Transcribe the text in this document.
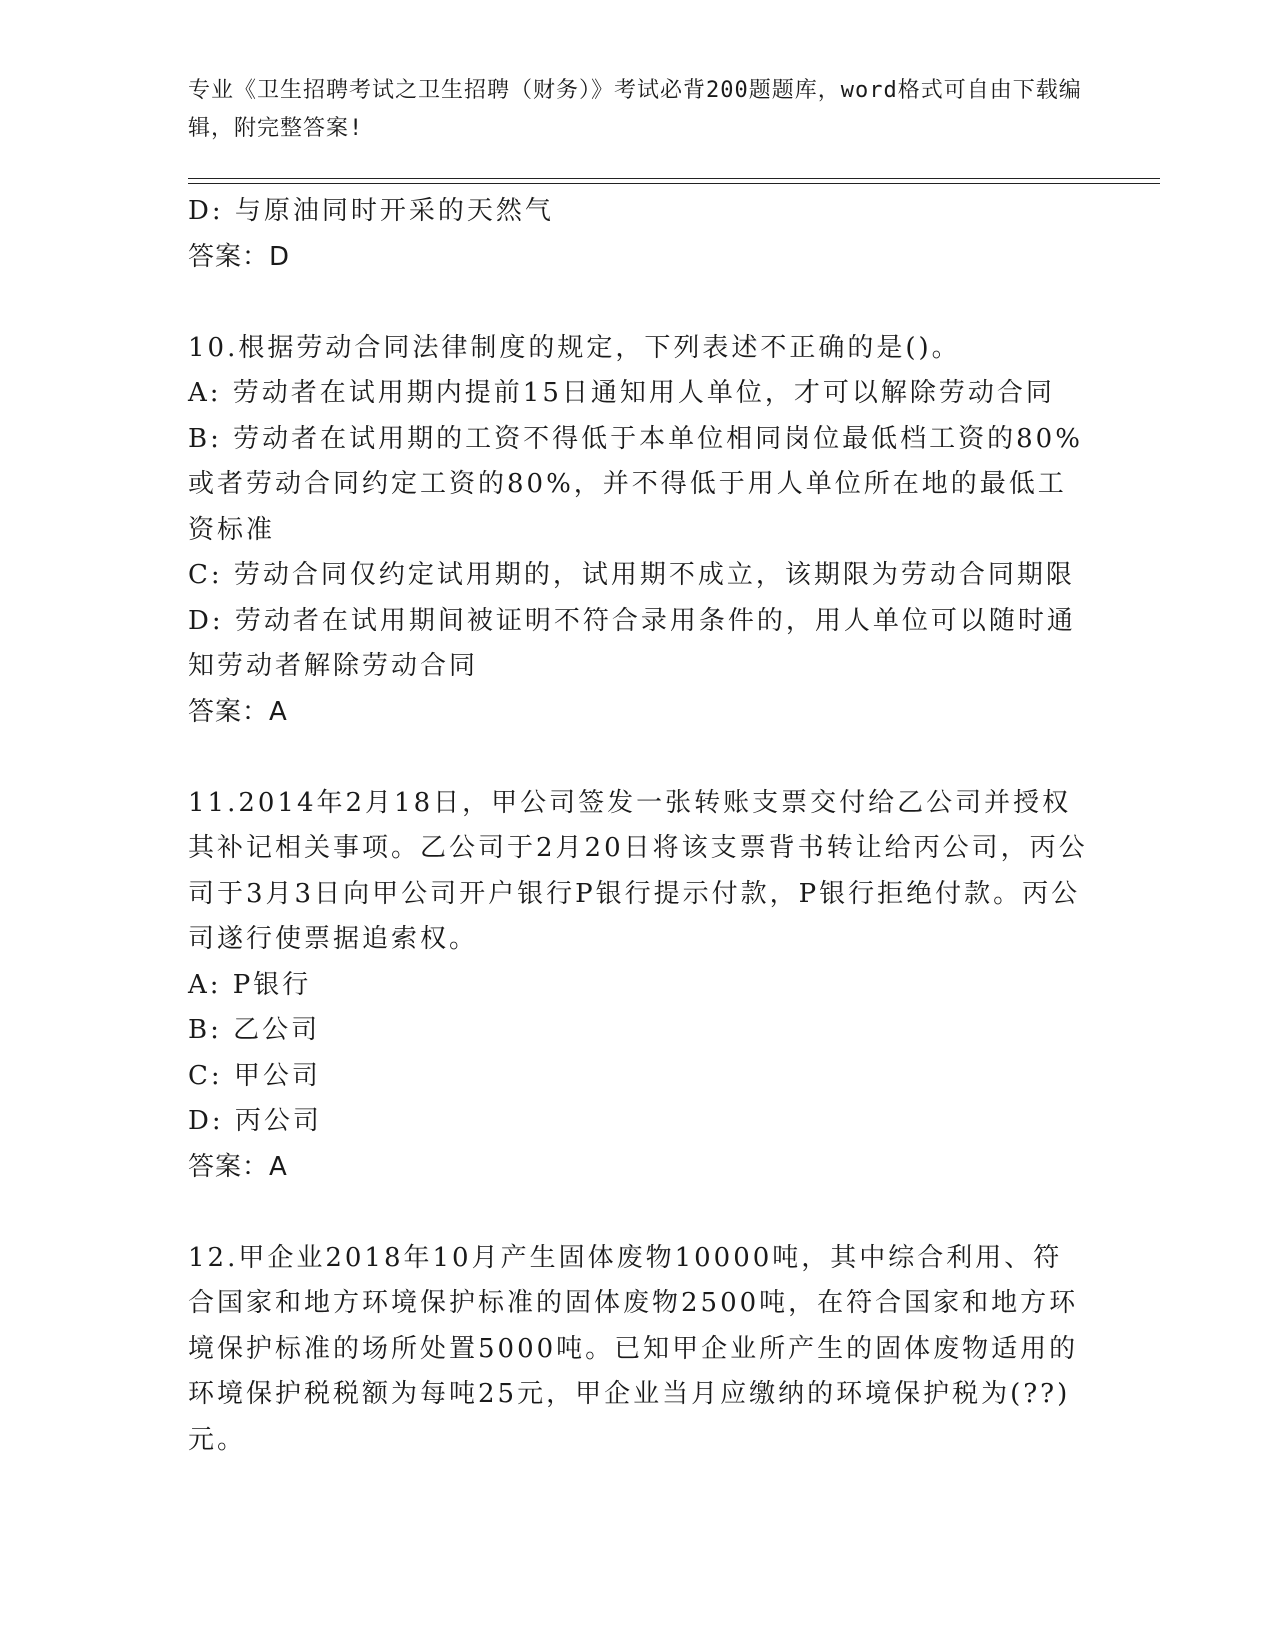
专业《卫生招聘考试之卫生招聘（财务）》考试必背200题题库，word格式可自由下载编辑，附完整答案!
D: 与原油同时开采的天然气
答案：D
10.根据劳动合同法律制度的规定，下列表述不正确的是()。
A: 劳动者在试用期内提前15日通知用人单位，才可以解除劳动合同
B: 劳动者在试用期的工资不得低于本单位相同岗位最低档工资的80%或者劳动合同约定工资的80%，并不得低于用人单位所在地的最低工资标准
C: 劳动合同仅约定试用期的，试用期不成立，该期限为劳动合同期限
D: 劳动者在试用期间被证明不符合录用条件的，用人单位可以随时通知劳动者解除劳动合同
答案：A
11.2014年2月18日，甲公司签发一张转账支票交付给乙公司并授权其补记相关事项。乙公司于2月20日将该支票背书转让给丙公司，丙公司于3月3日向甲公司开户银行P银行提示付款，P银行拒绝付款。丙公司遂行使票据追索权。
A: P银行
B: 乙公司
C: 甲公司
D: 丙公司
答案：A
12.甲企业2018年10月产生固体废物10000吨，其中综合利用、符合国家和地方环境保护标准的固体废物2500吨，在符合国家和地方环境保护标准的场所处置5000吨。已知甲企业所产生的固体废物适用的环境保护税税额为每吨25元，甲企业当月应缴纳的环境保护税为(??)元。
